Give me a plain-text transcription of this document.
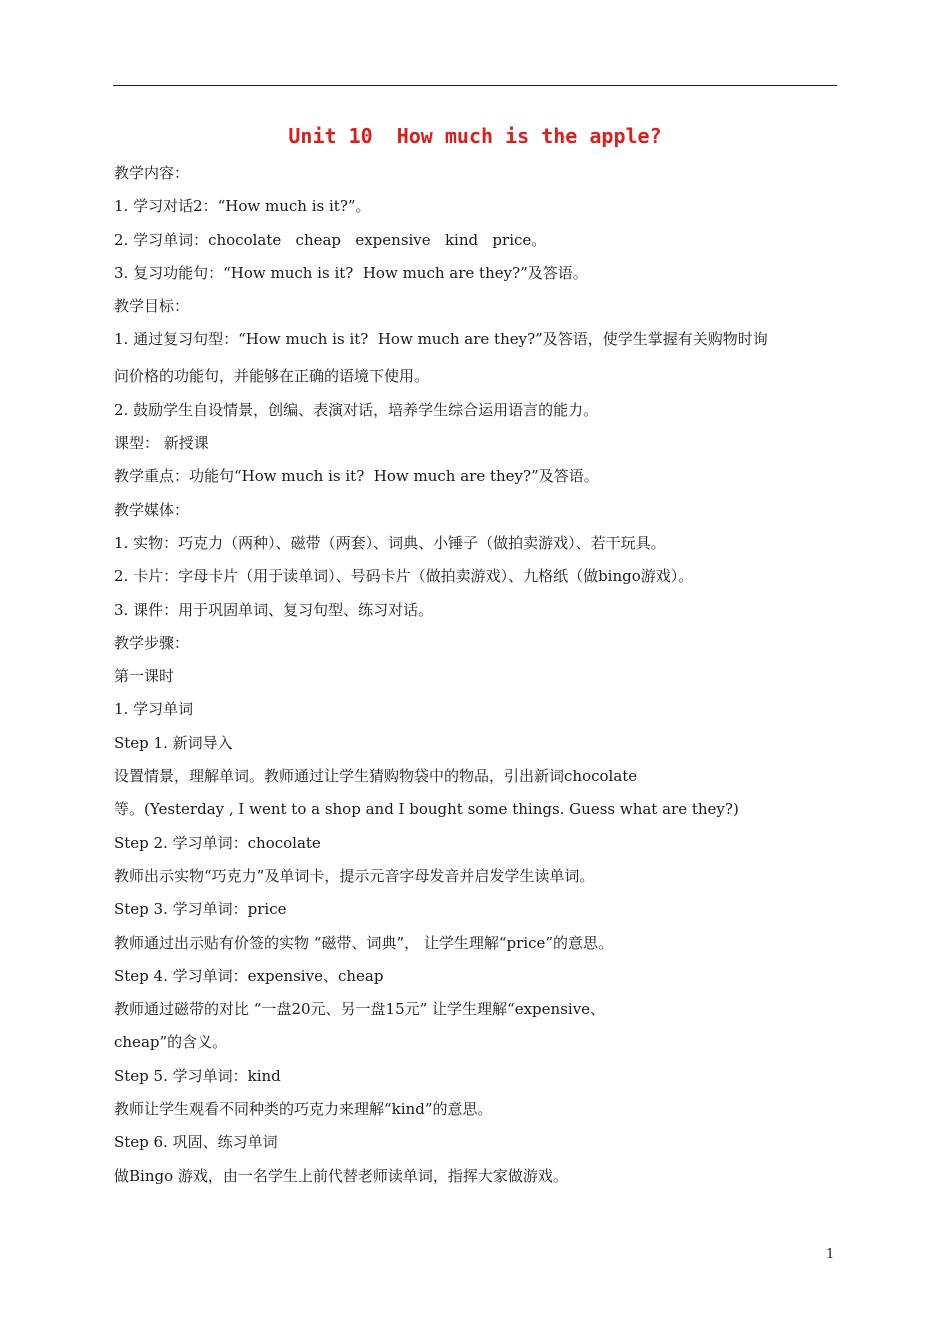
Unit 10  How much is the apple?
教学内容：
1. 学习对话2：“How much is it?”。
2. 学习单词：chocolate   cheap   expensive   kind   price。
3. 复习功能句：“How much is it?  How much are they?”及答语。
教学目标：
1. 通过复习句型：“How much is it?  How much are they?”及答语，使学生掌握有关购物时询
问价格的功能句，并能够在正确的语境下使用。
2. 鼓励学生自设情景，创编、表演对话，培养学生综合运用语言的能力。
课型： 新授课
教学重点：功能句“How much is it?  How much are they?”及答语。
教学媒体：
1. 实物：巧克力（两种）、磁带（两套）、词典、小锤子（做拍卖游戏）、若干玩具。
2. 卡片：字母卡片（用于读单词）、号码卡片（做拍卖游戏）、九格纸（做bingo游戏）。
3. 课件：用于巩固单词、复习句型、练习对话。
教学步骤：
第一课时
1. 学习单词
Step 1. 新词导入
设置情景，理解单词。教师通过让学生猜购物袋中的物品，引出新词chocolate
等。(Yesterday , I went to a shop and I bought some things. Guess what are they?)
Step 2. 学习单词：chocolate
教师出示实物“巧克力”及单词卡，提示元音字母发音并启发学生读单词。
Step 3. 学习单词：price
教师通过出示贴有价签的实物 “磁带、词典”， 让学生理解“price”的意思。
Step 4. 学习单词：expensive、cheap
教师通过磁带的对比 “一盘20元、另一盘15元” 让学生理解“expensive、
cheap”的含义。
Step 5. 学习单词：kind
教师让学生观看不同种类的巧克力来理解“kind”的意思。
Step 6. 巩固、练习单词
做Bingo 游戏，由一名学生上前代替老师读单词，指挥大家做游戏。
1
